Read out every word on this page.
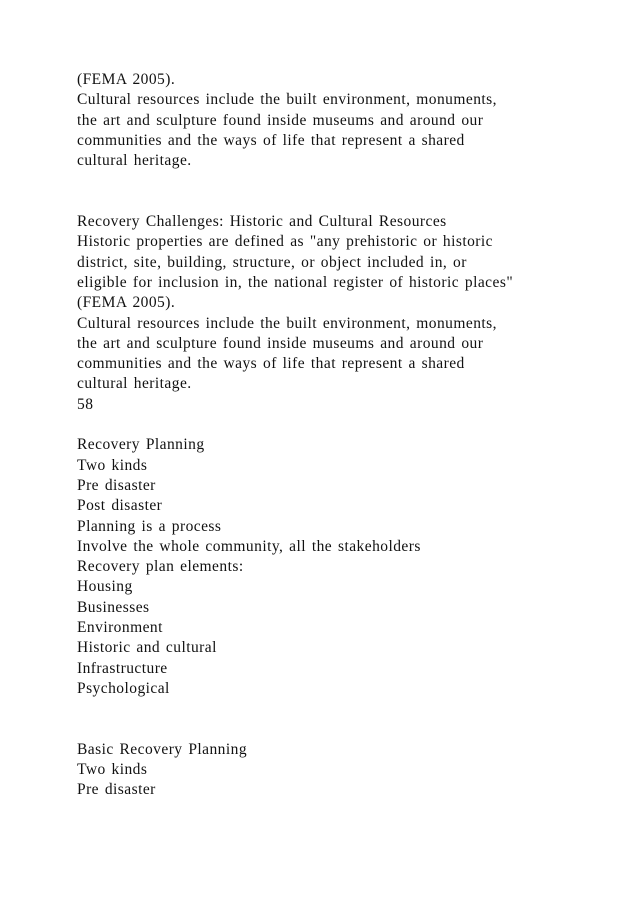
(FEMA 2005).
Cultural resources include the built environment, monuments,
the art and sculpture found inside museums and around our
communities and the ways of life that represent a shared
cultural heritage.
Recovery Challenges: Historic and Cultural Resources
Historic properties are defined as "any prehistoric or historic
district, site, building, structure, or object included in, or
eligible for inclusion in, the national register of historic places"
(FEMA 2005).
Cultural resources include the built environment, monuments,
the art and sculpture found inside museums and around our
communities and the ways of life that represent a shared
cultural heritage.
58
Recovery Planning
Two kinds
Pre disaster
Post disaster
Planning is a process
Involve the whole community, all the stakeholders
Recovery plan elements:
Housing
Businesses
Environment
Historic and cultural
Infrastructure
Psychological
Basic Recovery Planning
Two kinds
Pre disaster
